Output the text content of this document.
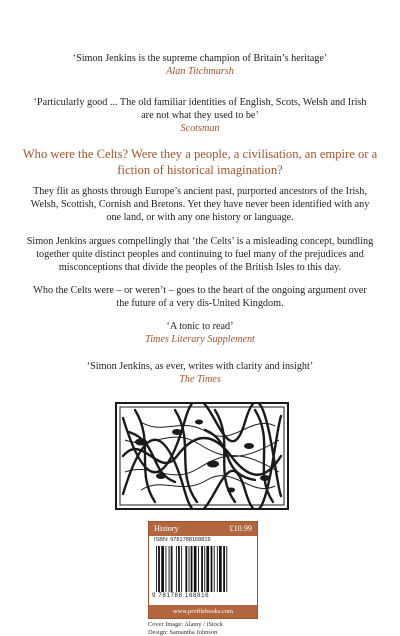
‘Simon Jenkins is the supreme champion of Britain’s heritage’
Alan Titchmarsh
‘Particularly good ... The old familiar identities of English, Scots, Welsh and Irish
are not what they used to be’
Scotsman
Who were the Celts? Were they a people, a civilisation, an empire or a
fiction of historical imagination?
They flit as ghosts through Europe’s ancient past, purported ancestors of the Irish,
Welsh, Scottish, Cornish and Bretons. Yet they have never been identified with any
one land, or with any one history or language.
Simon Jenkins argues compellingly that ‘the Celts’ is a misleading concept, bundling
together quite distinct peoples and continuing to fuel many of the prejudices and
misconceptions that divide the peoples of the British Isles to this day.
Who the Celts were – or weren’t – goes to the heart of the ongoing argument over
the future of a very dis-United Kingdom.
‘A tonic to read’
Times Literary Supplement
‘Simon Jenkins, as ever, writes with clarity and insight’
The Times
History	£10.99
ISBN: 9781788168816
9 781788 168816
www.profilebooks.com
Cover Image: Alamy / iStock
Design: Samantha Johnson
